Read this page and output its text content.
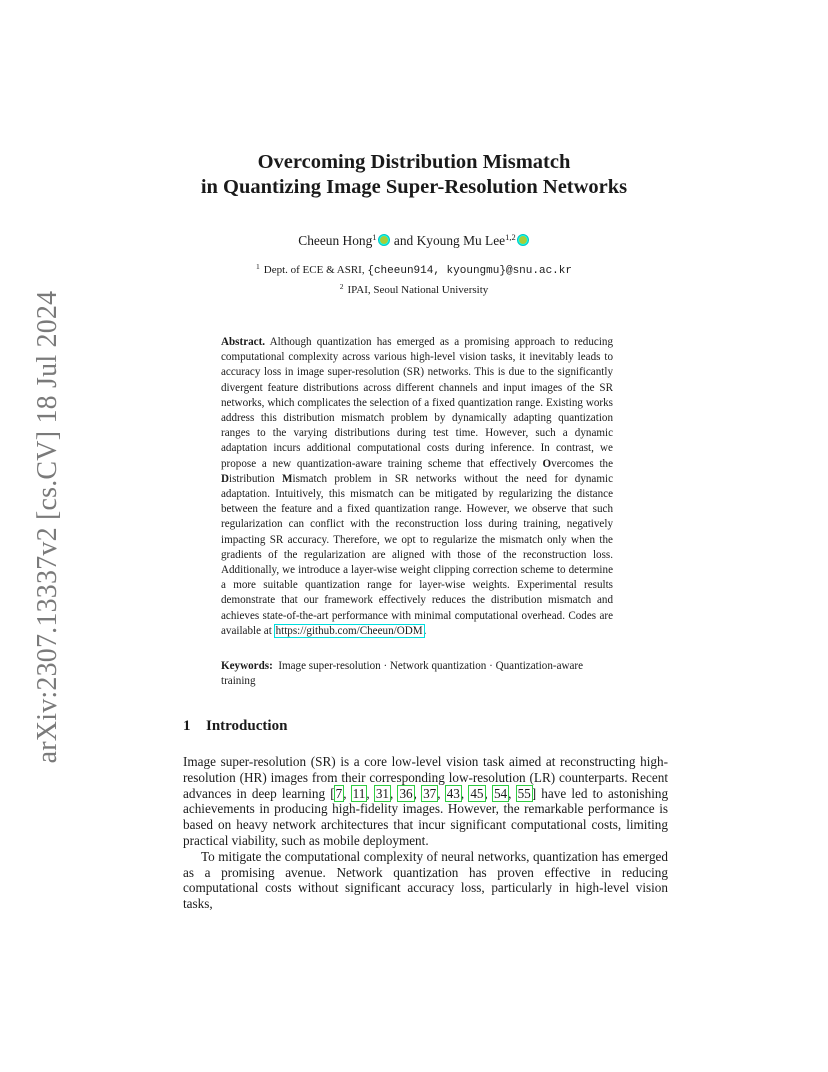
arXiv:2307.13337v2 [cs.CV] 18 Jul 2024
Overcoming Distribution Mismatch
in Quantizing Image Super-Resolution Networks
Cheeun Hong$^1$ and Kyoung Mu Lee$^{1,2}$
$^1$ Dept. of ECE & ASRI, {cheeun914, kyoungmu}@snu.ac.kr
$^2$ IPAI, Seoul National University
Abstract. Although quantization has emerged as a promising approach to reducing computational complexity across various high-level vision tasks, it inevitably leads to accuracy loss in image super-resolution (SR) networks. This is due to the significantly divergent feature distributions across different channels and input images of the SR networks, which complicates the selection of a fixed quantization range. Existing works address this distribution mismatch problem by dynamically adapting quantization ranges to the varying distributions during test time. However, such a dynamic adaptation incurs additional computational costs during inference. In contrast, we propose a new quantization-aware training scheme that effectively Overcomes the Distribution Mismatch problem in SR networks without the need for dynamic adaptation. Intuitively, this mismatch can be mitigated by regularizing the distance between the feature and a fixed quantization range. However, we observe that such regularization can conflict with the reconstruction loss during training, negatively impacting SR accuracy. Therefore, we opt to regularize the mismatch only when the gradients of the regularization are aligned with those of the reconstruction loss. Additionally, we introduce a layer-wise weight clipping correction scheme to determine a more suitable quantization range for layer-wise weights. Experimental results demonstrate that our framework effectively reduces the distribution mismatch and achieves state-of-the-art performance with minimal computational overhead. Codes are available at https://github.com/Cheeun/ODM.
Keywords: Image super-resolution · Network quantization · Quantization-aware training
1 Introduction

Image super-resolution (SR) is a core low-level vision task aimed at reconstructing high-resolution (HR) images from their corresponding low-resolution (LR) counterparts. Recent advances in deep learning [7, 11, 31, 36, 37, 43, 45, 54, 55] have led to astonishing achievements in producing high-fidelity images. However, the remarkable performance is based on heavy network architectures that incur significant computational costs, limiting practical viability, such as mobile deployment.

To mitigate the computational complexity of neural networks, quantization has emerged as a promising avenue. Network quantization has proven effective in reducing computational costs without significant accuracy loss, particularly in high-level vision tasks,
